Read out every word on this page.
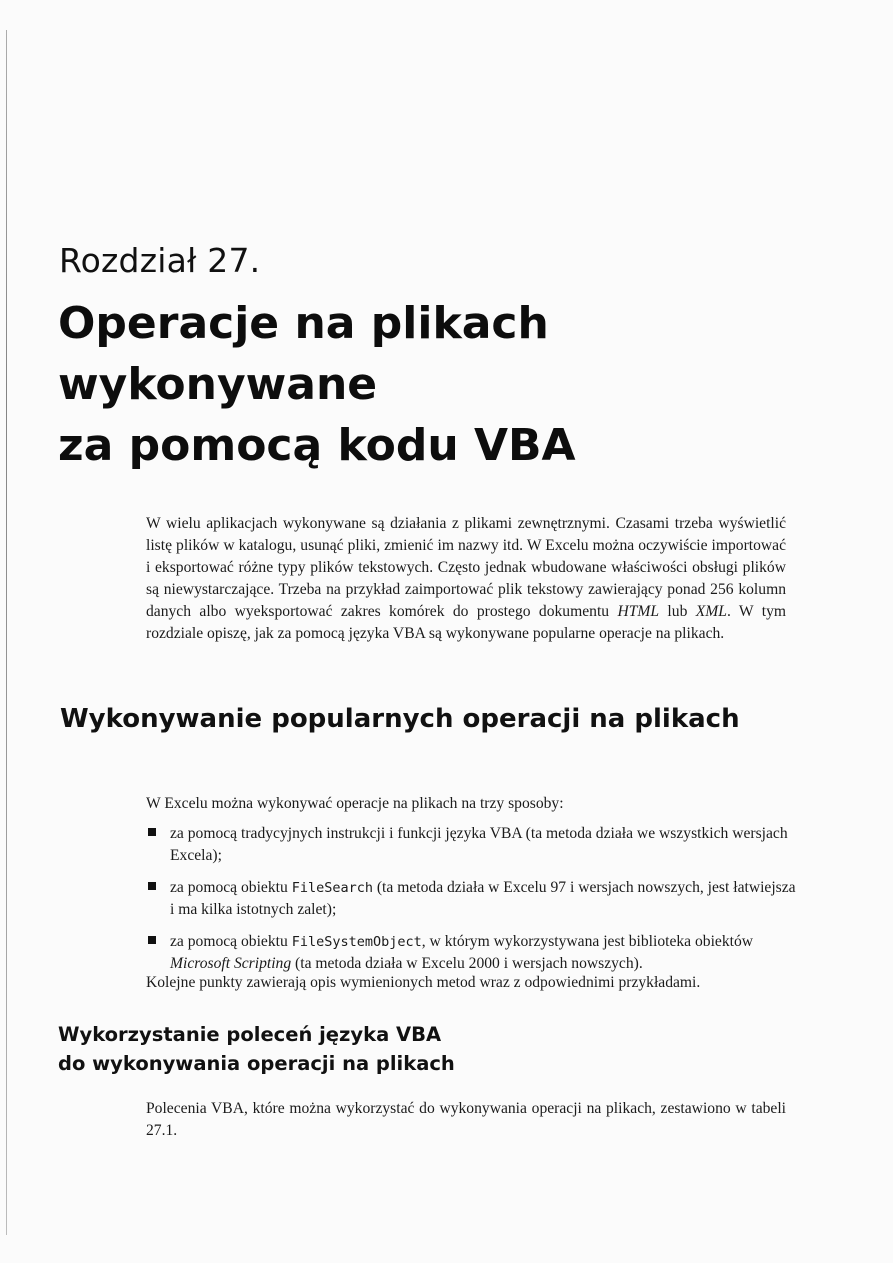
Rozdział 27.
Operacje na plikach
wykonywane
za pomocą kodu VBA

W wielu aplikacjach wykonywane są działania z plikami zewnętrznymi. Czasami trzeba wyświetlić listę plików w katalogu, usunąć pliki, zmienić im nazwy itd. W Excelu można oczywiście importować i eksportować różne typy plików tekstowych. Często jednak wbudowane właściwości obsługi plików są niewystarczające. Trzeba na przykład zaimportować plik tekstowy zawierający ponad 256 kolumn danych albo wyeksportować zakres komórek do prostego dokumentu HTML lub XML. W tym rozdziale opiszę, jak za pomocą języka VBA są wykonywane popularne operacje na plikach.

Wykonywanie popularnych operacji na plikach

W Excelu można wykonywać operacje na plikach na trzy sposoby:

za pomocą tradycyjnych instrukcji i funkcji języka VBA (ta metoda działa we wszystkich wersjach Excela);
za pomocą obiektu FileSearch (ta metoda działa w Excelu 97 i wersjach nowszych, jest łatwiejsza i ma kilka istotnych zalet);
za pomocą obiektu FileSystemObject, w którym wykorzystywana jest biblioteka obiektów Microsoft Scripting (ta metoda działa w Excelu 2000 i wersjach nowszych).

Kolejne punkty zawierają opis wymienionych metod wraz z odpowiednimi przykładami.

Wykorzystanie poleceń języka VBA
do wykonywania operacji na plikach

Polecenia VBA, które można wykorzystać do wykonywania operacji na plikach, zestawiono w tabeli 27.1.
